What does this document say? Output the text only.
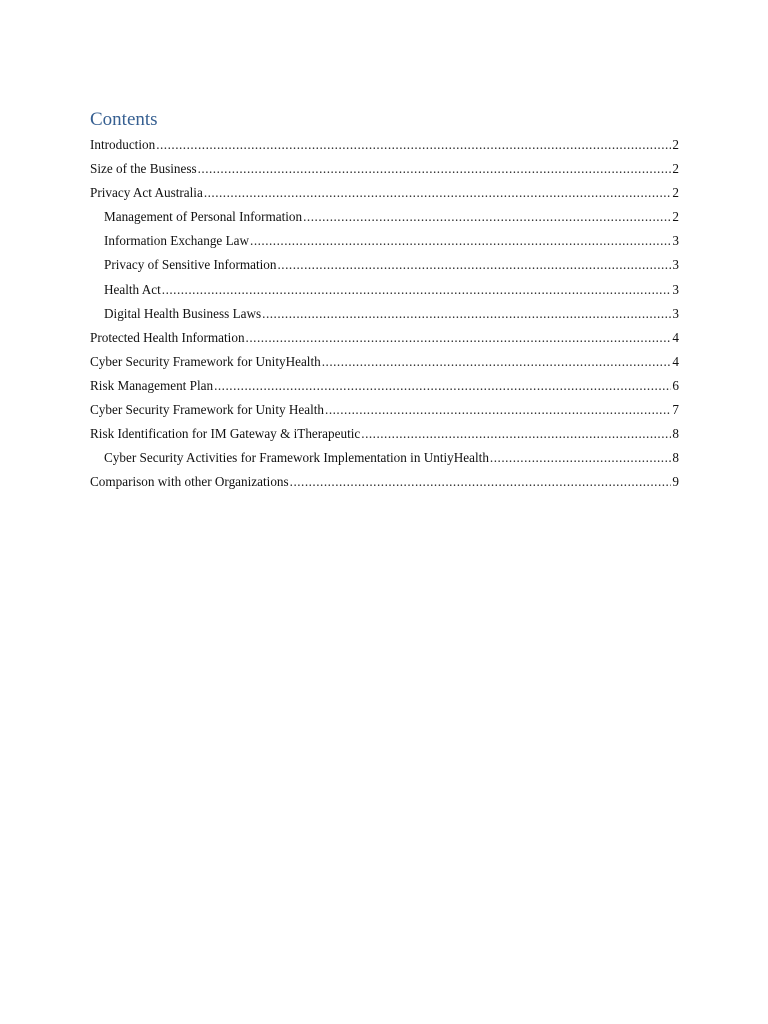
Contents
Introduction .....	2
Size of the Business .....	2
Privacy Act Australia .....	2
Management of Personal Information .....	2
Information Exchange Law .....	3
Privacy of Sensitive Information .....	3
Health Act .....	3
Digital Health Business Laws .....	3
Protected Health Information .....	4
Cyber Security Framework for UnityHealth .....	4
Risk Management Plan .....	6
Cyber Security Framework for Unity Health .....	7
Risk Identification for IM Gateway & iTherapeutic .....	8
Cyber Security Activities for Framework Implementation in UntiyHealth .....	8
Comparison with other Organizations .....	9
